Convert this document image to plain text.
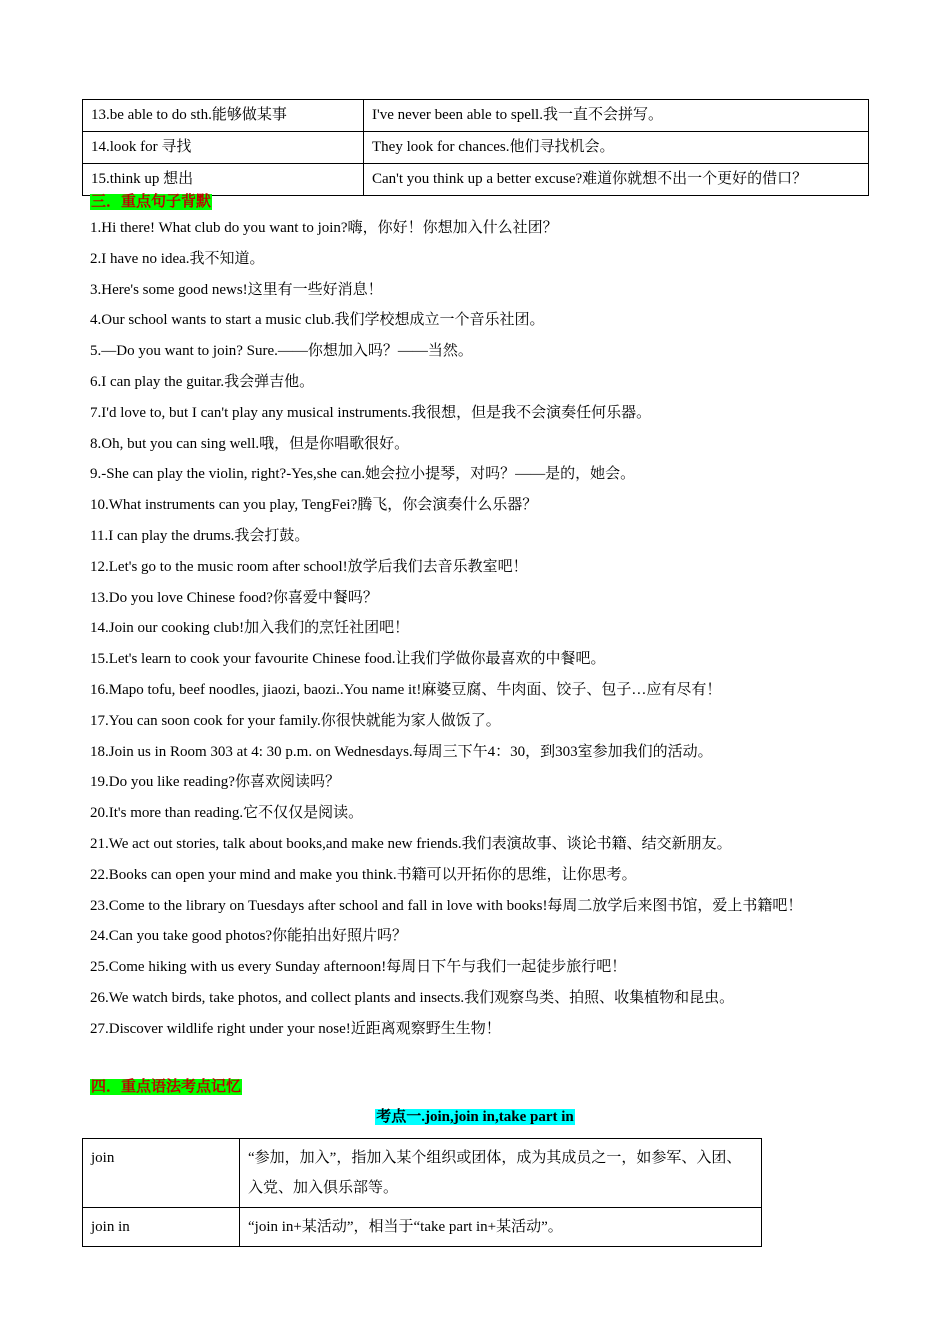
13.be able to do sth.能够做某事	I've never been able to spell.我一直不会拼写。
14.look for 寻找	They look for chances.他们寻找机会。
15.think up 想出	Can't you think up a better excuse?难道你就想不出一个更好的借口？
三．重点句子背默
1.Hi there! What club do you want to join?嗨，你好！你想加入什么社团？
2.I have no idea.我不知道。
3.Here's some good news!这里有一些好消息！
4.Our school wants to start a music club.我们学校想成立一个音乐社团。
5.—Do you want to join? Sure.——你想加入吗？——当然。
6.I can play the guitar.我会弹吉他。
7.I'd love to, but I can't play any musical instruments.我很想，但是我不会演奏任何乐器。
8.Oh, but you can sing well.哦，但是你唱歌很好。
9.-She can play the violin, right?-Yes,she can.她会拉小提琴，对吗？——是的，她会。
10.What instruments can you play, TengFei?腾飞，你会演奏什么乐器？
11.I can play the drums.我会打鼓。
12.Let's go to the music room after school!放学后我们去音乐教室吧！
13.Do you love Chinese food?你喜爱中餐吗？
14.Join our cooking club!加入我们的烹饪社团吧！
15.Let's learn to cook your favourite Chinese food.让我们学做你最喜欢的中餐吧。
16.Mapo tofu, beef noodles, jiaozi, baozi..You name it!麻婆豆腐、牛肉面、饺子、包子…应有尽有！
17.You can soon cook for your family.你很快就能为家人做饭了。
18.Join us in Room 303 at 4: 30 p.m. on Wednesdays.每周三下午4：30，到303室参加我们的活动。
19.Do you like reading?你喜欢阅读吗？
20.It's more than reading.它不仅仅是阅读。
21.We act out stories, talk about books,and make new friends.我们表演故事、谈论书籍、结交新朋友。
22.Books can open your mind and make you think.书籍可以开拓你的思维，让你思考。
23.Come to the library on Tuesdays after school and fall in love with books!每周二放学后来图书馆，爱上书籍吧！
24.Can you take good photos?你能拍出好照片吗？
25.Come hiking with us every Sunday afternoon!每周日下午与我们一起徒步旅行吧！
26.We watch birds, take photos, and collect plants and insects.我们观察鸟类、拍照、收集植物和昆虫。
27.Discover wildlife right under your nose!近距离观察野生生物！
四．重点语法考点记忆
考点一.join,join in,take part in
join	“参加，加入”，指加入某个组织或团体，成为其成员之一，如参军、入团、入党、加入俱乐部等。
join in	“join in+某活动”，相当于“take part in+某活动”。
